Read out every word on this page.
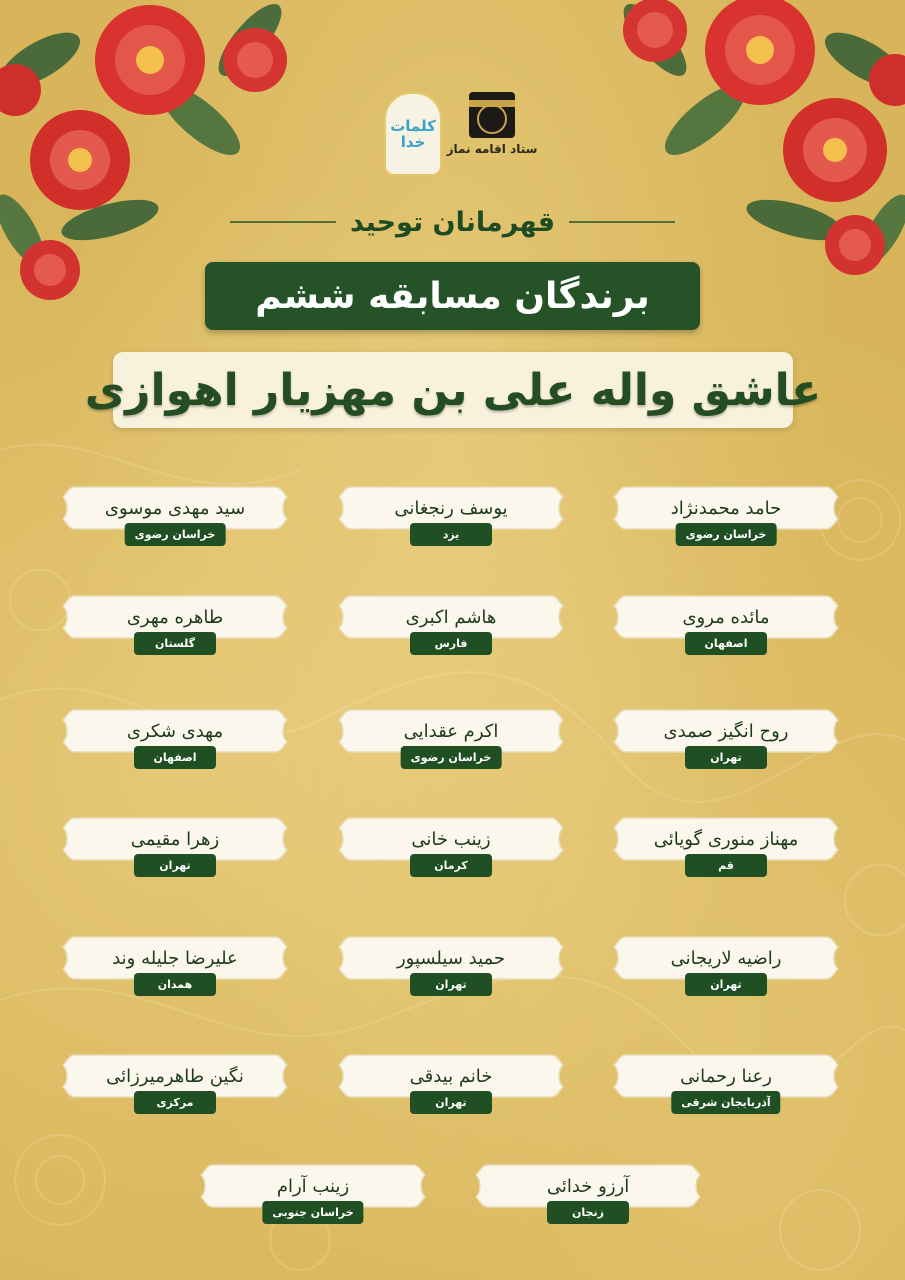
ستاد اقامه نماز
کلمات خدا
قهرمانان توحید
برندگان مسابقه ششم
عاشق واله علی بن مهزیار اهوازی
حامد محمدنژاد
خراسان رضوی
یوسف رنجغانی
یزد
سید مهدی موسوی
خراسان رضوی
مائده مروی
اصفهان
هاشم اکبری
فارس
طاهره مهری
گلستان
روح انگیز صمدی
تهران
اکرم عقدایی
خراسان رضوی
مهدی شکری
اصفهان
مهناز منوری گویائی
قم
زینب خانی
کرمان
زهرا مقیمی
تهران
راضیه لاریجانی
تهران
حمید سیلسپور
تهران
علیرضا جلیله وند
همدان
رعنا رحمانی
آذربایجان شرقی
خانم بیدقی
تهران
نگین طاهرمیرزائی
مرکزی
آرزو خدائی
زنجان
زینب آرام
خراسان جنوبی
